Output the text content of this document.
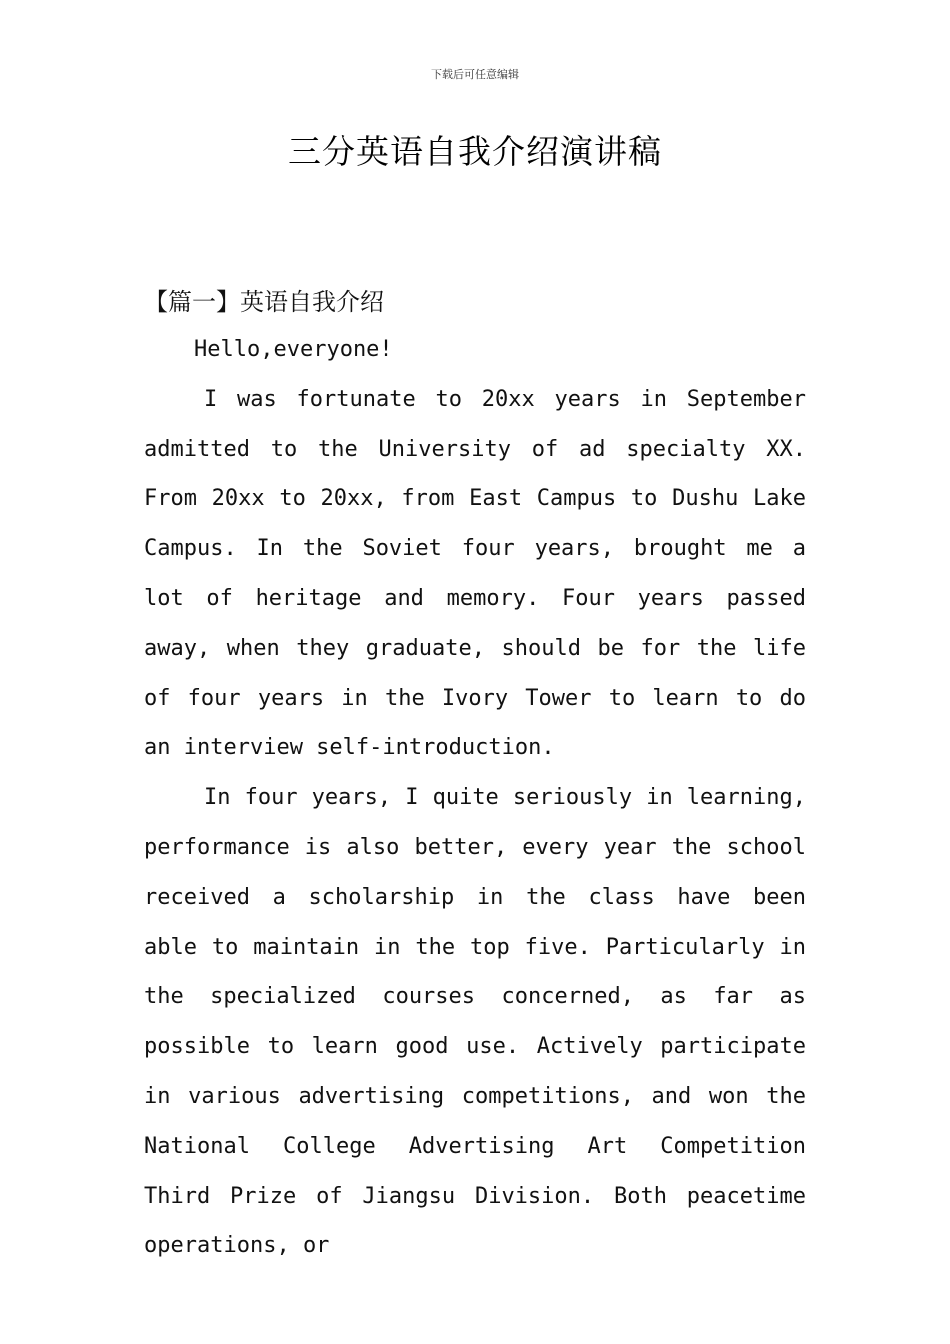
下载后可任意编辑
三分英语自我介绍演讲稿
【篇一】英语自我介绍

Hello,everyone!

I was fortunate to 20xx years in September admitted to the University of ad specialty XX. From 20xx to 20xx, from East Campus to Dushu Lake Campus. In the Soviet four years, brought me a lot of heritage and memory. Four years passed away, when they graduate, should be for the life of four years in the Ivory Tower to learn to do an interview self-introduction.

In four years, I quite seriously in learning, performance is also better, every year the school received a scholarship in the class have been able to maintain in the top five. Particularly in the specialized courses concerned, as far as possible to learn good use. Actively participate in various advertising competitions, and won the National College Advertising Art Competition Third Prize of Jiangsu Division. Both peacetime operations, or
